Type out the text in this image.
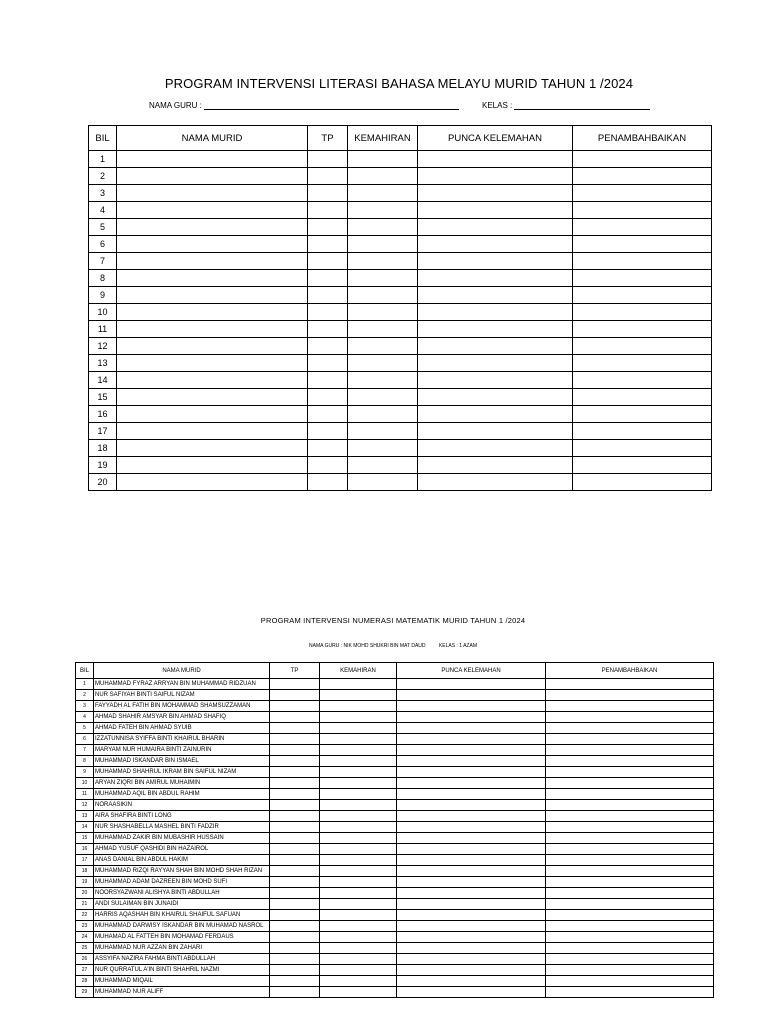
PROGRAM INTERVENSI LITERASI BAHASA MELAYU MURID TAHUN 1 /2024
NAMA GURU :	KELAS :
BIL	NAMA MURID	TP	KEMAHIRAN	PUNCA KELEMAHAN	PENAMBAHBAIKAN
1					
2					
3					
4					
5					
6					
7					
8					
9					
10					
11					
12					
13					
14					
15					
16					
17					
18					
19					
20					
PROGRAM INTERVENSI NUMERASI MATEMATIK MURID TAHUN 1 /2024
NAMA GURU : NIK MOHD SHUKRI BIN MAT DAUD	KELAS : 1 AZAM
BIL	NAMA MURID	TP	KEMAHIRAN	PUNCA KELEMAHAN	PENAMBAHBAIKAN
1	MUHAMMAD FYRAZ ARRYAN BIN MUHAMMAD RIDZUAN				
2	NUR SAFIYAH BINTI SAIFUL NIZAM				
3	FAYYADH AL FATIH BIN MOHAMMAD SHAMSUZZAMAN				
4	AHMAD SHAHIR AMSYAR BIN AHMAD SHAFIQ				
5	AHMAD FATEH BIN AHMAD SYUIB				
6	IZZATUNNISA SYIFFA BINTI KHAIRUL BHARIN				
7	MARYAM NUR HUMAIRA BINTI ZAINURIN				
8	MUHAMMAD ISKANDAR BIN ISMAEL				
9	MUHAMMAD SHAHRUL IKRAM BIN SAIFUL NIZAM				
10	ARYAN ZIQRI BIN AMIRUL MUHAIMIN				
11	MUHAMMAD AQIL BIN ABDUL RAHIM				
12	NORAASIKIN				
13	AIRA SHAFIRA BINTI LONG				
14	NUR SHASHABELLA MASHEL BINTI FADZIR				
15	MUHAMMAD ZAKIR BIN MUBASHIR HUSSAIN				
16	AHMAD YUSUF QASHIDI BIN HAZAIROL				
17	ANAS DANIAL BIN ABDUL HAKIM				
18	MUHAMMAD RIZQI RAYYAN SHAH BIN MOHD SHAH RIZAN				
19	MUHAMMAD ADAM DAZREEN BIN MOHD SUFI				
20	NOORSYAZWANI ALISHYA BINTI ABDULLAH				
21	ANDI SULAIMAN BIN JUNAIDI				
22	HARRIS AQASHAH BIN KHAIRUL SHAIFUL SAFUAN				
23	MUHAMMAD DARWISY ISKANDAR BIN MUHAMAD NASROL				
24	MUHAMAD AL FATTEH BIN MOHAMAD FERDAUS				
25	MUHAMMAD NUR AZZAN BIN ZAHARI				
26	ASSYIFA NAZIRA FAHMA BINTI ABDULLAH				
27	NUR QURRATUL A'IN BINTI SHAHRIL NAZMI				
28	MUHAMMAD MIQAIL				
29	MUHAMMAD NUR ALIFF				
